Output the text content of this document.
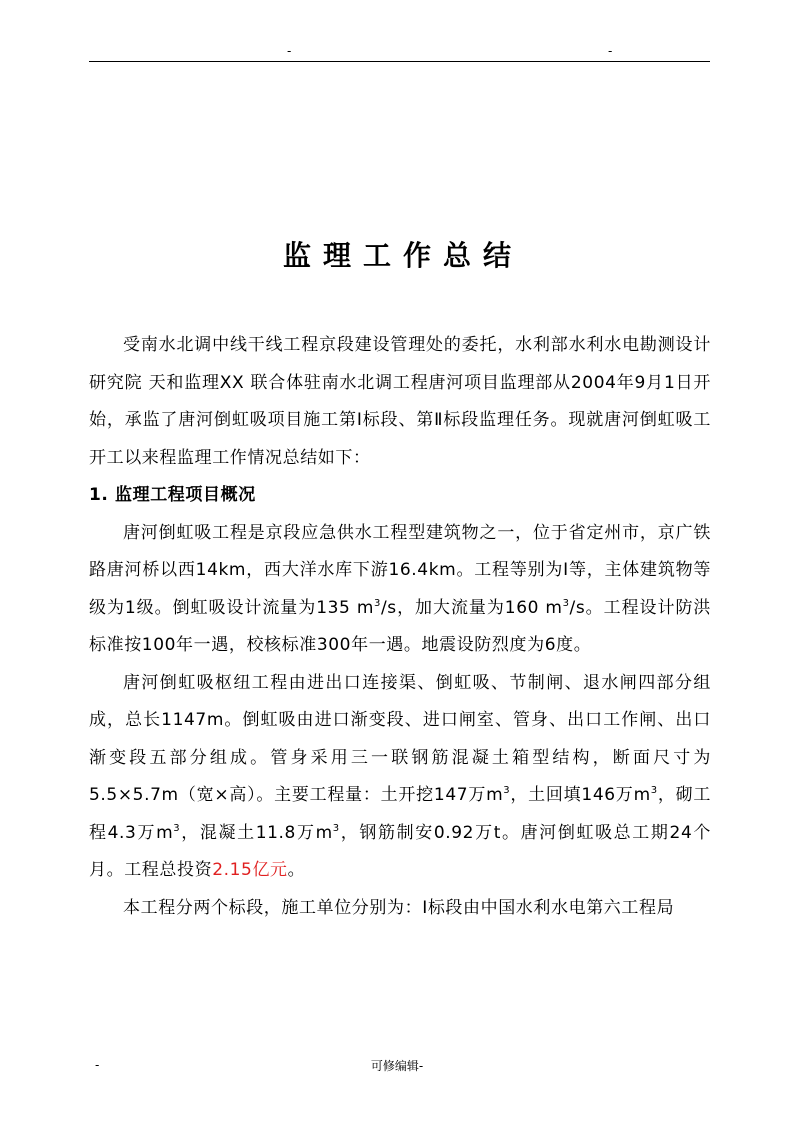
-	-
监理工作总结

受南水北调中线干线工程京段建设管理处的委托，水利部水利水电勘测设计研究院 天和监理XX 联合体驻南水北调工程唐河项目监理部从2004年9月1日开始，承监了唐河倒虹吸项目施工第Ⅰ标段、第Ⅱ标段监理任务。现就唐河倒虹吸工开工以来程监理工作情况总结如下：

1. 监理工程项目概况

唐河倒虹吸工程是京段应急供水工程型建筑物之一，位于省定州市，京广铁路唐河桥以西14km，西大洋水库下游16.4km。工程等别为Ⅰ等，主体建筑物等级为1级。倒虹吸设计流量为135 $m^3/s$，加大流量为160 $m^3/s$。工程设计防洪标准按100年一遇，校核标准300年一遇。地震设防烈度为6度。

唐河倒虹吸枢纽工程由进出口连接渠、倒虹吸、节制闸、退水闸四部分组成，总长1147m。倒虹吸由进口渐变段、进口闸室、管身、出口工作闸、出口渐变段五部分组成。管身采用三一联钢筋混凝土箱型结构，断面尺寸为5.5×5.7m（宽×高）。主要工程量：土开挖147万$m^3$，土回填146万$m^3$，砌工程4.3万$m^3$，混凝土11.8万$m^3$，钢筋制安0.92万t。唐河倒虹吸总工期24个月。工程总投资2.15亿元。

本工程分两个标段，施工单位分别为：Ⅰ标段由中国水利水电第六工程局

-	可修编辑-
